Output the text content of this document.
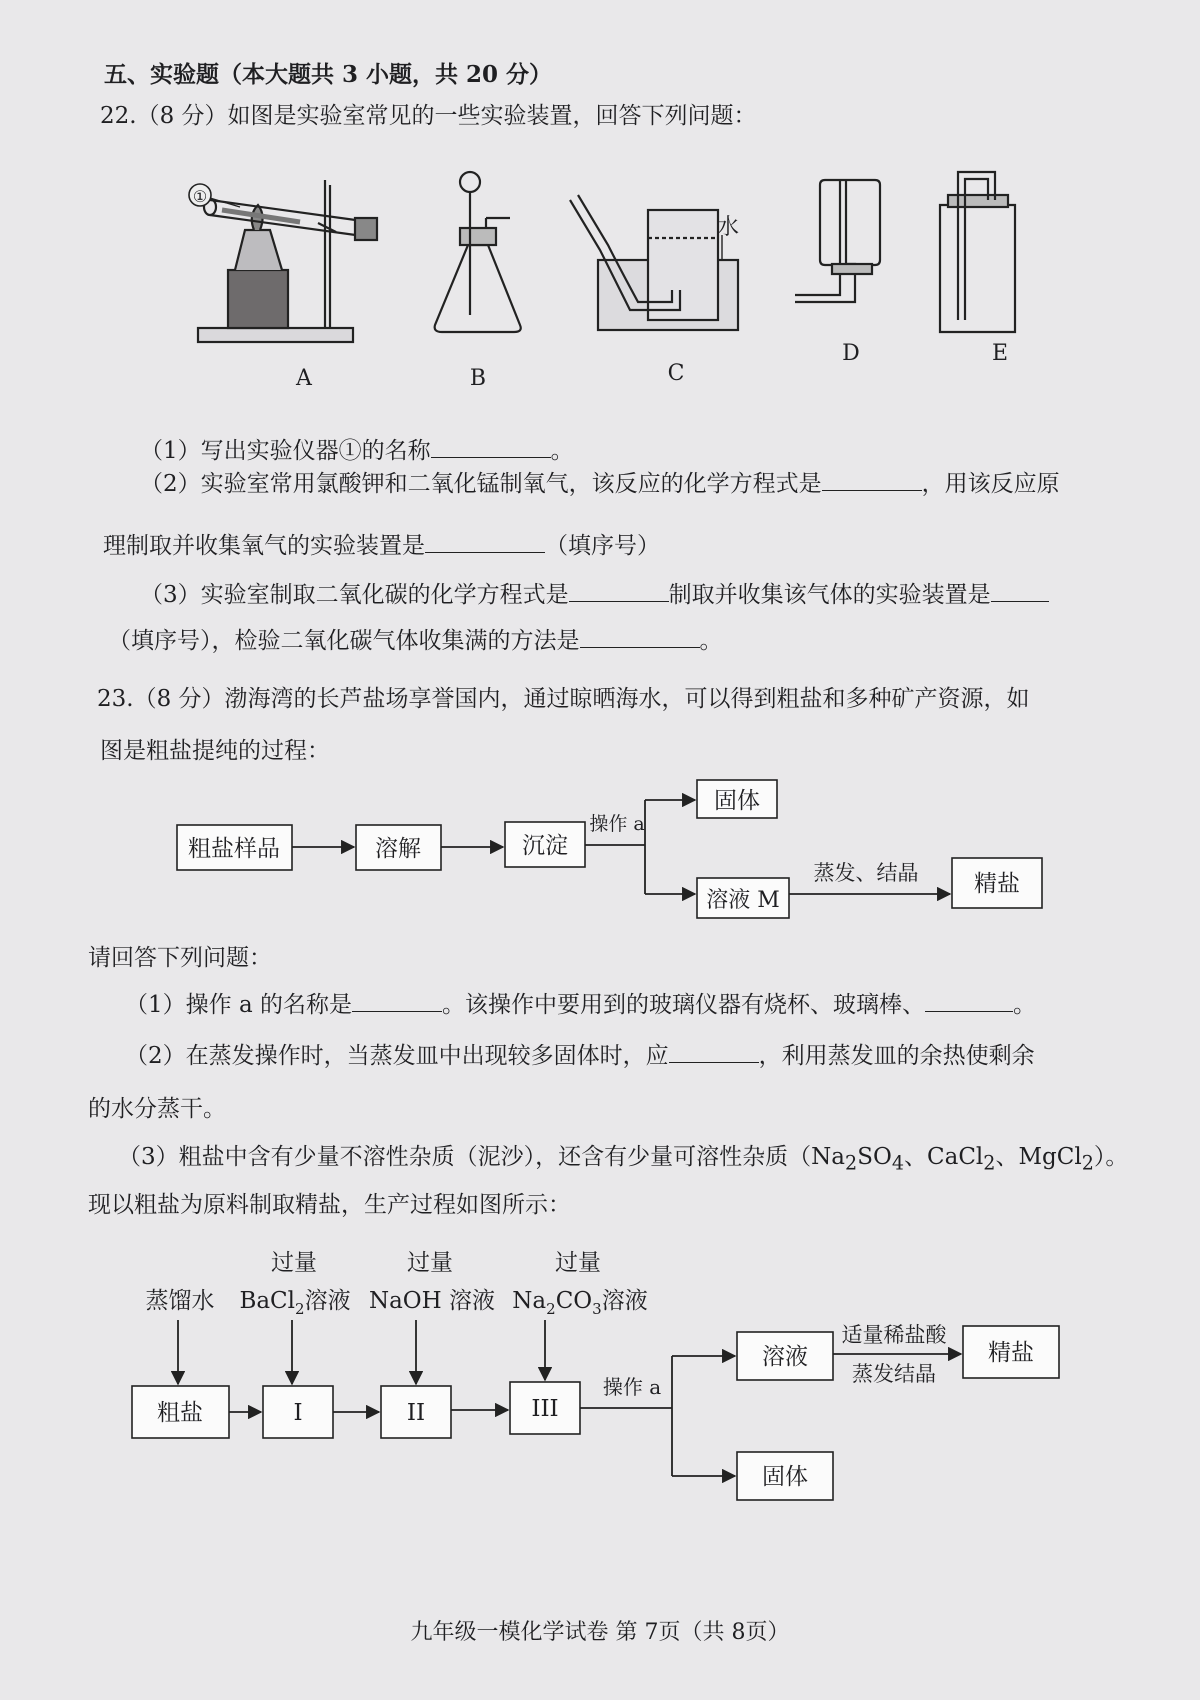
五、实验题（本大题共 3 小题，共 20 分）
22.（8 分）如图是实验室常见的一些实验装置，回答下列问题：
①
水
A	B	C
D	E
（1）写出实验仪器①的名称	。
（2）实验室常用氯酸钾和二氧化锰制氧气，该反应的化学方程式是	，用该反应原
理制取并收集氧气的实验装置是	（填序号）
（3）实验室制取二氧化碳的化学方程式是	制取并收集该气体的实验装置是
（填序号），检验二氧化碳气体收集满的方法是	。
23.（8 分）渤海湾的长芦盐场享誉国内，通过晾晒海水，可以得到粗盐和多种矿产资源，如
图是粗盐提纯的过程：
粗盐样品	溶解	沉淀
操作 a
固体
溶液 M
蒸发、结晶 精盐
请回答下列问题：
（1）操作 a 的名称是	。该操作中要用到的玻璃仪器有烧杯、玻璃棒、	。
（2）在蒸发操作时，当蒸发皿中出现较多固体时，应	，利用蒸发皿的余热使剩余
的水分蒸干。
（3）粗盐中含有少量不溶性杂质（泥沙），还含有少量可溶性杂质（$Na_2SO_4$、CaCl$_2$、MgCl$_2$）。
现以粗盐为原料制取精盐，生产过程如图所示：
蒸馏水
过量
BaCl$_2$溶液
过量
NaOH 溶液
过量
$Na_2CO_3$溶液
粗盐	I	II	III
操作 a
溶液
适量稀盐酸
蒸发结晶
精盐
固体
九年级一模化学试卷 第 7页（共 8页）
